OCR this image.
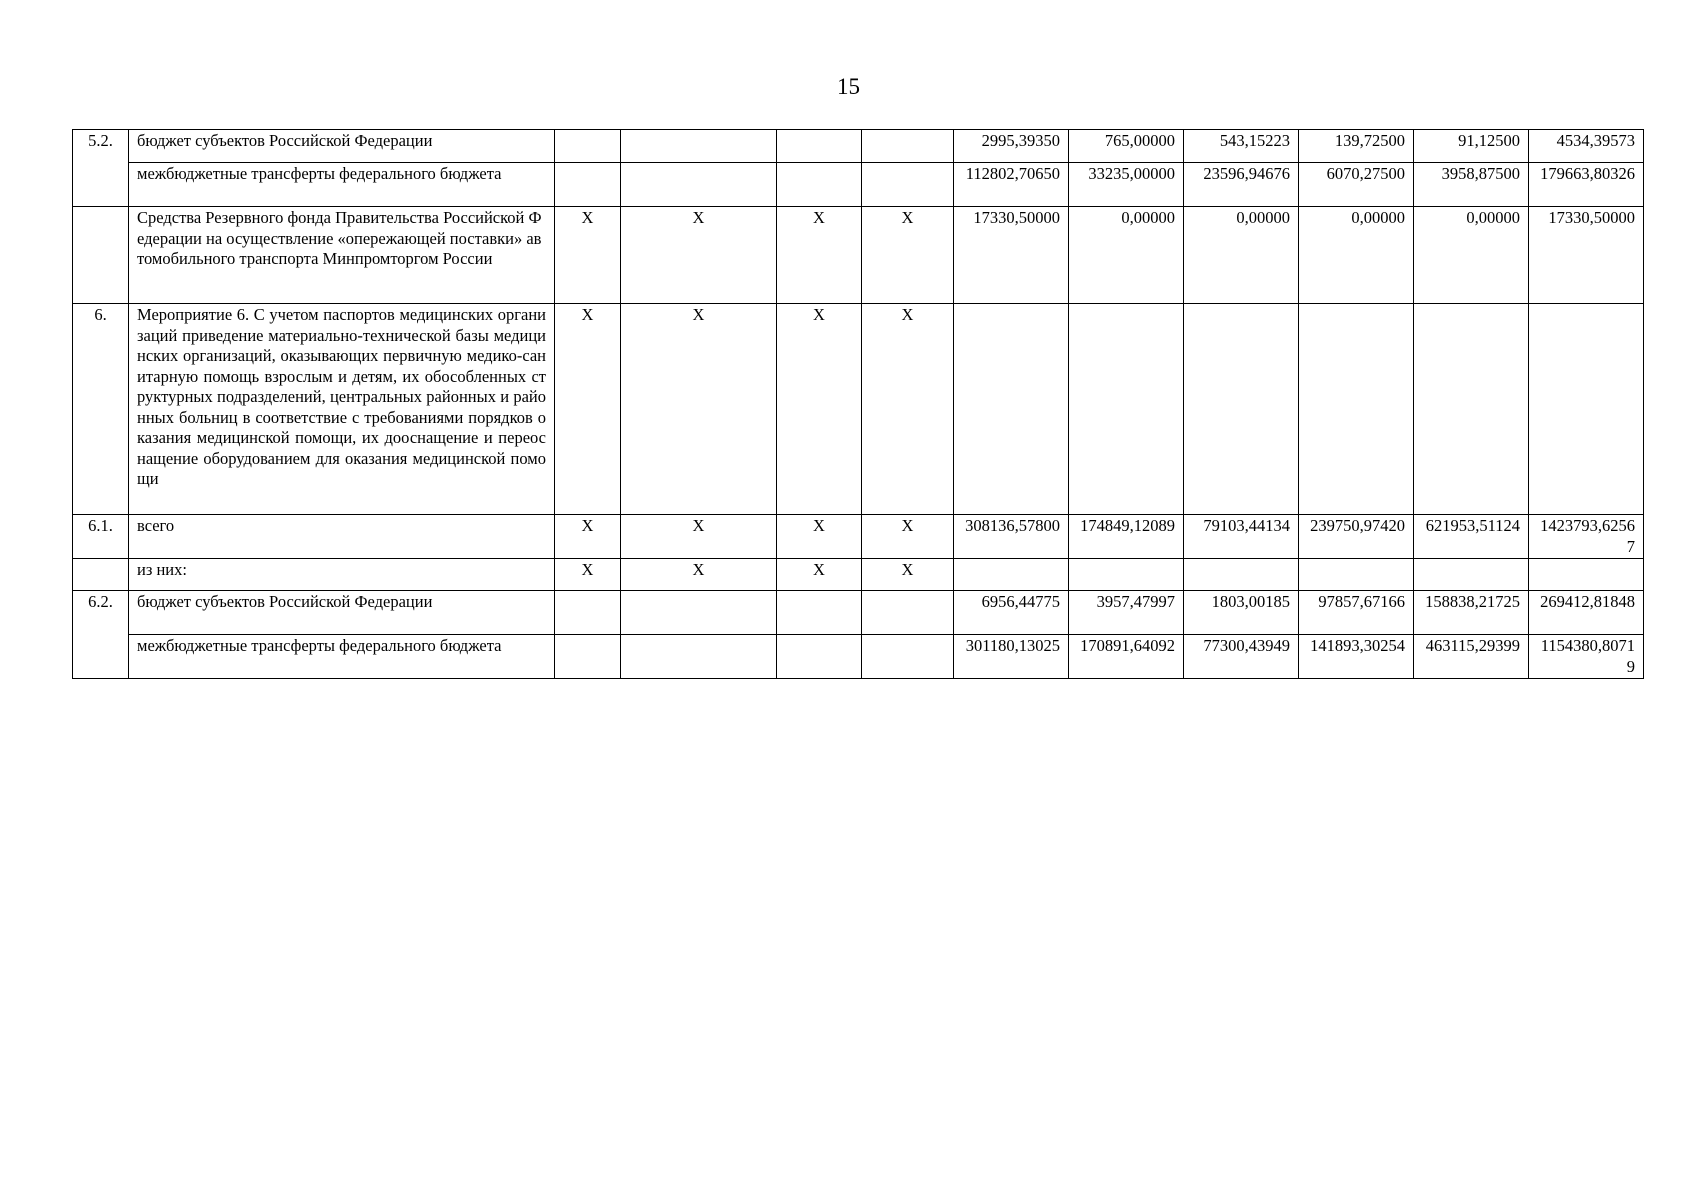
15
5.2.	бюджет субъектов Российской Федерации					2995,39350	765,00000	543,15223	139,72500	91,12500	4534,39573
	межбюджетные трансферты федерального бюджета					112802,70650	33235,00000	23596,94676	6070,27500	3958,87500	179663,80326
	Средства Резервного фонда Правительства Российской Федерации на осуществление «опережающей поставки» автомобильного транспорта Минпромторгом России	Х	Х	Х	Х	17330,50000	0,00000	0,00000	0,00000	0,00000	17330,50000
6.	Мероприятие 6. С учетом паспортов медицинских организаций приведение материально-технической базы медицинских организаций, оказывающих первичную медико-санитарную помощь взрослым и детям, их обособленных структурных подразделений, центральных районных и районных больниц в соответствие с требованиями порядков оказания медицинской помощи, их дооснащение и переоснащение оборудованием для оказания медицинской помощи	Х	Х	Х	Х						
6.1.	всего	Х	Х	Х	Х	308136,57800	174849,12089	79103,44134	239750,97420	621953,51124	1423793,62567
	из них:	Х	Х	Х	Х						
6.2.	бюджет субъектов Российской Федерации					6956,44775	3957,47997	1803,00185	97857,67166	158838,21725	269412,81848
	межбюджетные трансферты федерального бюджета					301180,13025	170891,64092	77300,43949	141893,30254	463115,29399	1154380,80719
